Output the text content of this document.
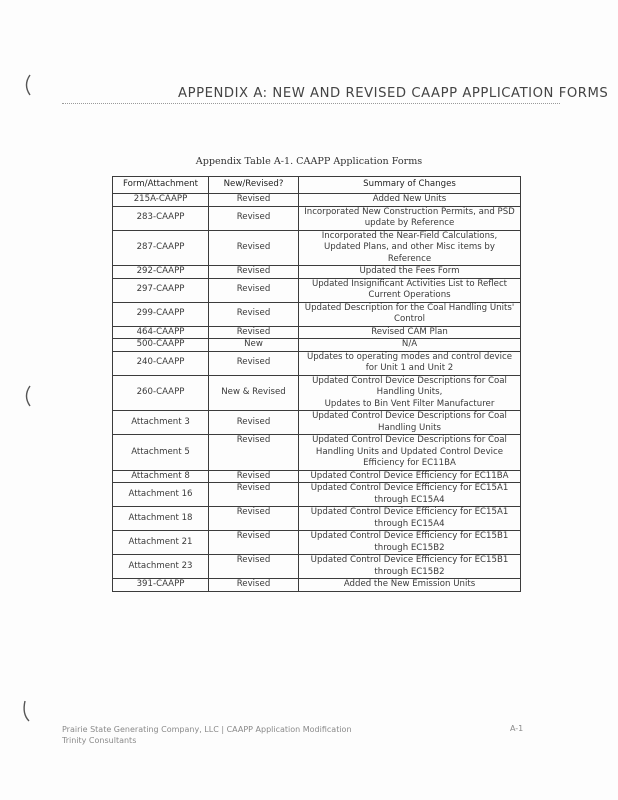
APPENDIX A: NEW AND REVISED CAAPP APPLICATION FORMS
Appendix Table A-1. CAAPP Application Forms
Form/Attachment	New/Revised?	Summary of Changes
215A-CAAPP	Revised	Added New Units

283-CAAPP	Revised	Incorporated New Construction Permits, and PSD
update by Reference

287-CAAPP	Revised	Incorporated the Near-Field Calculations,
Updated Plans, and other Misc items by
Reference

292-CAAPP	Revised	Updated the Fees Form

297-CAAPP	Revised	Updated Insignificant Activities List to Reflect
Current Operations

299-CAAPP	Revised	Updated Description for the Coal Handling Units'
Control

464-CAAPP	Revised	Revised CAM Plan

500-CAAPP	New	N/A

240-CAAPP	Revised	Updates to operating modes and control device
for Unit 1 and Unit 2

260-CAAPP	New & Revised	Updated Control Device Descriptions for Coal
Handling Units,
Updates to Bin Vent Filter Manufacturer

Attachment 3	Revised	Updated Control Device Descriptions for Coal
Handling Units

Attachment 5	Revised	Updated Control Device Descriptions for Coal
Handling Units and Updated Control Device
Efficiency for EC11BA

Attachment 8	Revised	Updated Control Device Efficiency for EC11BA

Attachment 16	Revised	Updated Control Device Efficiency for EC15A1
through EC15A4

Attachment 18	Revised	Updated Control Device Efficiency for EC15A1
through EC15A4

Attachment 21	Revised	Updated Control Device Efficiency for EC15B1
through EC15B2

Attachment 23	Revised	Updated Control Device Efficiency for EC15B1
through EC15B2

391-CAAPP	Revised	Added the New Emission Units
Prairie State Generating Company, LLC | CAAPP Application Modification
Trinity Consultants
A-1
